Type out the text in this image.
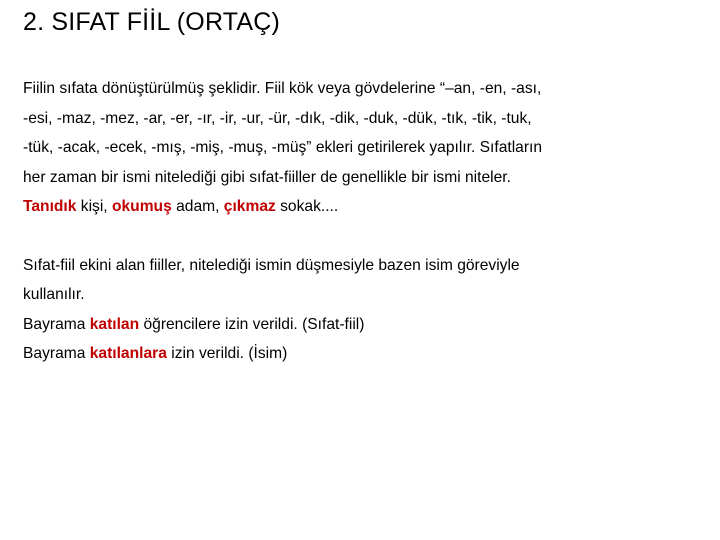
2. SIFAT FİİL (ORTAÇ)
Fiilin sıfata dönüştürülmüş şeklidir. Fiil kök veya gövdelerine “–an, -en, -ası,
-esi, -maz, -mez, -ar, -er, -ır, -ir, -ur, -ür, -dık, -dik, -duk, -dük, -tık, -tik, -tuk,
-tük, -acak, -ecek, -mış, -miş, -muş, -müş” ekleri getirilerek yapılır. Sıfatların
her zaman bir ismi nitelediği gibi sıfat-fiiller de genellikle bir ismi niteler.
Tanıdık kişi, okumuş adam, çıkmaz sokak....
Sıfat-fiil ekini alan fiiller, nitelediği ismin düşmesiyle bazen isim göreviyle
kullanılır.
Bayrama katılan öğrencilere izin verildi. (Sıfat-fiil)
Bayrama katılanlara izin verildi. (İsim)
